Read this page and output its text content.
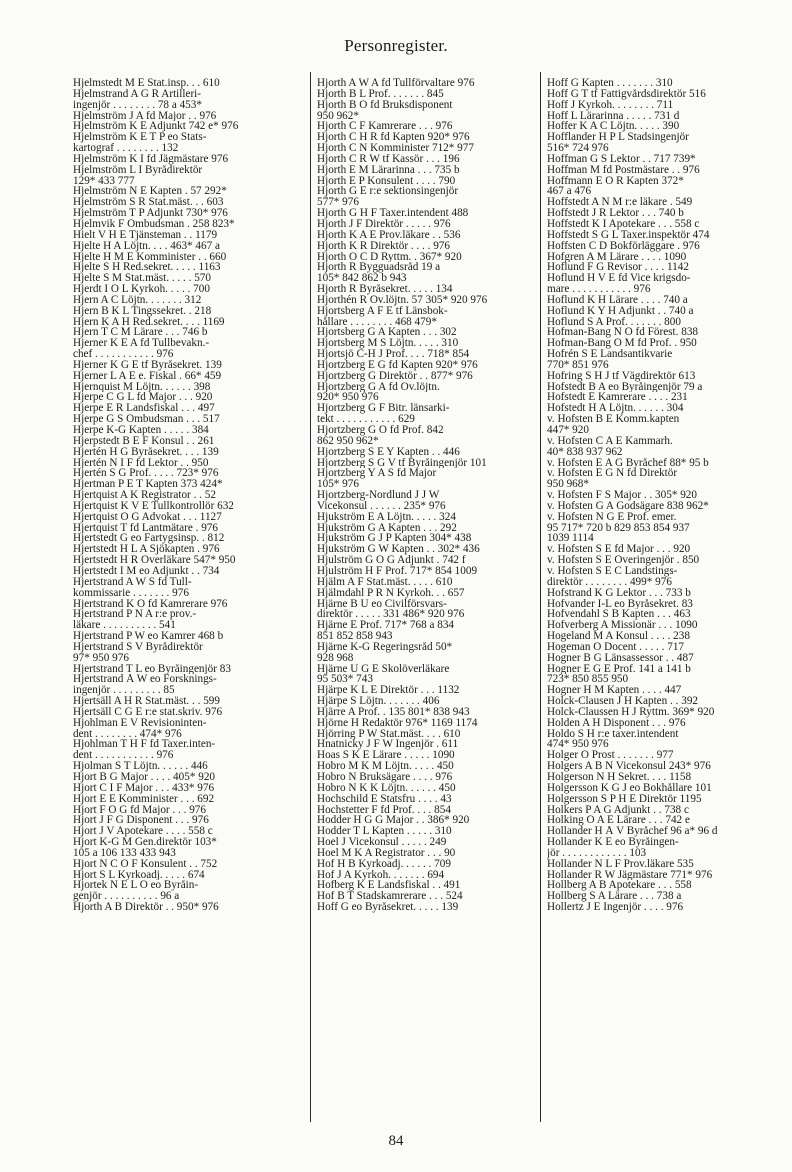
Personregister.

Hjelmstedt M E Stat.insp. . . 610

Hjelmstrand A G R Artilleri-

ingenjör . . . . . . . . 78 a 453*

Hjelmström J A fd Major . . 976

Hjelmström K E Adjunkt 742 e* 976

Hjelmström K E T P eo Stats-

kartograf . . . . . . . . 132

Hjelmström K I fd Jägmästare 976

Hjelmström L I Byrådirektör

129* 433 777

Hjelmström N E Kapten . 57 292*

Hjelmström S R Stat.mäst. . . 603

Hjelmström T P Adjunkt 730* 976

Hjelmvik F Ombudsman . 258 823*

Hielt V H E Tjänsteman . . 1179

Hjelte H A Löjtn. . . . 463* 467 a

Hjelte H M E Komminister . . 660

Hjelte S H Red.sekret. . . . . 1163

Hjelte S M Stat.mäst. . . . . 570

Hjerdt I O L Kyrkoh. . . . . 700

Hjern A C Löjtn. . . . . . . 312

Hjern B K L Tingssekret. . 218

Hjern K A H Red.sekret. . . . 1169

Hjern T C M Lärare . . . 746 b

Hjerner K E A fd Tullbevakn.-

chef . . . . . . . . . . . 976

Hjerner K G E tf Byråsekret. 139

Hjerner L A E e. Fiskal . 66* 459

Hjernquist M Löjtn. . . . . . 398

Hjerpe C G L fd Major . . . 920

Hjerpe E R Landsfiskal . . . 497

Hjerpe G S Ombudsman . . . 517

Hjerpe K-G Kapten . . . . . 384

Hjerpstedt B E F Konsul . . 261

Hjertén H G Byråsekret. . . . 139

Hjertén N I F fd Lektor . . 950

Hjertén S G Prof. . . . . 723* 976

Hjertman P E T Kapten 373 424*

Hjertquist A K Registrator . . 52

Hjertquist K V E Tullkontrollör 632

Hjertquist O G Advokat . . . 1127

Hjertquist T fd Lantmätare . 976

Hjertstedt G eo Fartygsinsp. . 812

Hjertstedt H L A Sjökapten . 976

Hjertstedt H R Överläkare 547* 950

Hjertstedt I M eo Adjunkt . . 734

Hjertstrand A W S fd Tull-

kommissarie . . . . . . . 976

Hjertstrand K O fd Kamrerare 976

Hjertstrand P N A r:e prov.-

läkare . . . . . . . . . . 541

Hjertstrand P W eo Kamrer 468 b

Hjertstrand S V Byrådirektör

97* 950 976

Hjertstrand T L eo Byråingenjör 83

Hjertstrand Å W eo Forsknings-

ingenjör . . . . . . . . . 85

Hjertsäll A H R Stat.mäst. . . 599

Hjertsäll C G E r:e stat.skriv. 976

Hjohlman E V Revisioninten-

dent . . . . . . . . 474* 976

Hjohlman T H F fd Taxer.inten-

dent . . . . . . . . . . . 976

Hjolman S T Löjtn. . . . . . 446

Hjort B G Major . . . . 405* 920

Hjort C I F Major . . . 433* 976

Hjort E E Komminister . . . 692

Hjort F O G fd Major . . . 976

Hjort J F G Disponent . . . 976

Hjort J V Apotekare . . . . 558 c

Hjort K-G M Gen.direktör 103*

105 a 106 133 433 943

Hjort N C O F Konsulent . . 752

Hjort S L Kyrkoadj. . . . . 674

Hjortek N E L O eo Byråin-

genjör . . . . . . . . . . 96 a

Hjorth A B Direktör . . 950* 976

Hjorth A W A fd Tullförvaltare 976

Hjorth B L Prof. . . . . . . 845

Hjorth B O fd Bruksdisponent

950 962*

Hjorth C F Kamrerare . . . 976

Hjorth C H R fd Kapten 920* 976

Hjorth C N Komminister 712* 977

Hjorth C R W tf Kassör . . . 196

Hjorth E M Lärarinna . . . 735 b

Hjorth E P Konsulent . . . . 790

Hjorth G E r:e sektionsingenjör

577* 976

Hjorth G H F Taxer.intendent 488

Hjorth J F Direktör . . . . . 976

Hjorth K A E Prov.läkare . . 536

Hjorth K R Direktör . . . . 976

Hjorth O C D Ryttm. . 367* 920

Hjorth R Bygguadsråd 19 a

105* 842 862 b 943

Hjorth R Byråsekret. . . . . 134

Hjorthén R Öv.löjtn. 57 305* 920 976

Hjortsberg A F E tf Länsbok-

hållare . . . . . . . . 468 479*

Hjortsberg G A Kapten . . . 302

Hjortsberg M S Löjtn. . . . . 310

Hjortsjö C-H J Prof. . . . 718* 854

Hjortzberg E G fd Kapten 920* 976

Hjortzberg G Direktör . . 877* 976

Hjortzberg G A fd Öv.löjtn.

920* 950 976

Hjortzberg G F Bitr. länsarki-

tekt . . . . . . . . . . . 629

Hjortzberg G O fd Prof. 842

862 950 962*

Hjortzberg S E Y Kapten . . 446

Hjortzberg S G V tf Byråingenjör 101

Hjortzberg Y A S fd Major

105* 976

Hjortzberg-Nordlund J J W

Vicekonsul . . . . . . 235* 976

Hjukström E A Löjtn. . . . . 324

Hjukström G A Kapten . . . 292

Hjukström G J P Kapten 304* 438

Hjukström G W Kapten . . 302* 436

Hjulström G O G Adjunkt . 742 f

Hjulström H F Prof. 717* 854 1009

Hjälm A F Stat.mäst. . . . . 610

Hjälmdahl P R N Kyrkoh. . . 657

Hjärne B U eo Civilförsvars-

direktör . . . . . 331 486* 920 976

Hjärne E Prof. 717* 768 a 834

851 852 858 943

Hjärne K-G Regeringsråd 50*

928 968

Hjärne U G E Skolöverläkare

95 503* 743

Hjärpe K L E Direktör . . . 1132

Hjärpe S Löjtn. . . . . . . 406

Hjärre A Prof. . 135 801* 838 943

Hjörne H Redaktör 976* 1169 1174

Hjörring P W Stat.mäst. . . . 610

Hnatnicky J F W Ingenjör . 611

Hoas S K E Lärare . . . . . 1090

Hobro M K M Löjtn. . . . . 450

Hobro N Bruksägare . . . . 976

Hobro N K K Löjtn. . . . . . 450

Hochschild E Statsfru . . . . 43

Hochstetter F fd Prof. . . . 854

Hodder H G G Major . . 386* 920

Hodder T L Kapten . . . . . 310

Hoel J Vicekonsul . . . . . 249

Hoel M K A Registrator . . . 90

Hof H B Kyrkoadj. . . . . . 709

Hof J A Kyrkoh. . . . . . . 694

Hofberg K E Landsfiskal . . 491

Hof B T Stadskamrerare . . . 524

Hoff G eo Byråsekret. . . . . 139

Hoff G Kapten . . . . . . . 310

Hoff G T tf Fattigvårdsdirektör 516

Hoff J Kyrkoh. . . . . . . . 711

Hoff L Lärarinna . . . . . 731 d

Hoffer K A C Löjtn. . . . . 390

Hofflander H P L Stadsingenjör

516* 724 976

Hoffman G S Lektor . . 717 739*

Hoffman M fd Postmästare . . 976

Hoffmann E O R Kapten 372*

467 a 476

Hoffstedt A N M r:e läkare . 549

Hoffstedt J R Lektor . . . 740 b

Hoffstedt K I Apotekare . . . 558 c

Hoffstedt S G L Taxer.inspektör 474

Hoffsten C D Bokförläggare . 976

Hofgren A M Lärare . . . . 1090

Hoflund F G Revisor . . . . 1142

Hoflund H V E fd Vice krigsdo-

mare . . . . . . . . . . . 976

Hoflund K H Lärare . . . . 740 a

Hoflund K Y H Adjunkt . . 740 a

Hoflund S A Prof. . . . . . . 800

Hofman-Bang N O fd Förest. 838

Hofman-Bang O M fd Prof. . 950

Hofrén S E Landsantikvarie

770* 851 976

Hofring S H J tf Vägdirektör 613

Hofstedt B A eo Byråingenjör 79 a

Hofstedt E Kamrerare . . . . 231

Hofstedt H A Löjtn. . . . . . 304

v. Hofsten B E Komm.kapten

447* 920

v. Hofsten C A E Kammarh.

40* 838 937 962

v. Hofsten E A G Byråchef 88* 95 b

v. Hofsten E G N fd Direktör

950 968*

v. Hofsten F S Major . . 305* 920

v. Hofsten G A Godsägare 838 962*

v. Hofsten N G E Prof. emer.

95 717* 720 b 829 853 854 937

1039 1114

v. Hofsten S E fd Major . . . 920

v. Hofsten S E Överingenjör . 850

v. Hofsten S E C Landstings-

direktör . . . . . . . . 499* 976

Hofstrand K G Lektor . . . 733 b

Hofvander I-L eo Byråsekret. 83

Hofvendahl S B Kapten . . . 463

Hofverberg A Missionär . . . 1090

Hogeland M A Konsul . . . . 238

Hogeman O Docent . . . . . 717

Hogner B G Länsassessor . . 487

Hogner E G E Prof. 141 a 141 b

723* 850 855 950

Hogner H M Kapten . . . . 447

Holck-Clausen J H Kapten . . 392

Holck-Claussen H J Ryttm. 369* 920

Holden A H Disponent . . . 976

Holdo S H r:e taxer.intendent

474* 950 976

Holger O Prost . . . . . . . 977

Holgers A B N Vicekonsul 243* 976

Holgerson N H Sekret. . . . 1158

Holgersson K G J eo Bokhållare 101

Holgersson S P H E Direktör 1195

Holkers P A G Adjunkt . . 738 c

Holking O A E Lärare . . . 742 e

Hollander H Å V Byråchef 96 a* 96 d

Hollander K E eo Byråingen-

jör . . . . . . . . . . . . 103

Hollander N L F Prov.läkare 535

Hollander R W Jägmästare 771* 976

Hollberg A B Apotekare . . . 558

Hollberg S A Lärare . . . 738 a

Hollertz J E Ingenjör . . . . 976

84
